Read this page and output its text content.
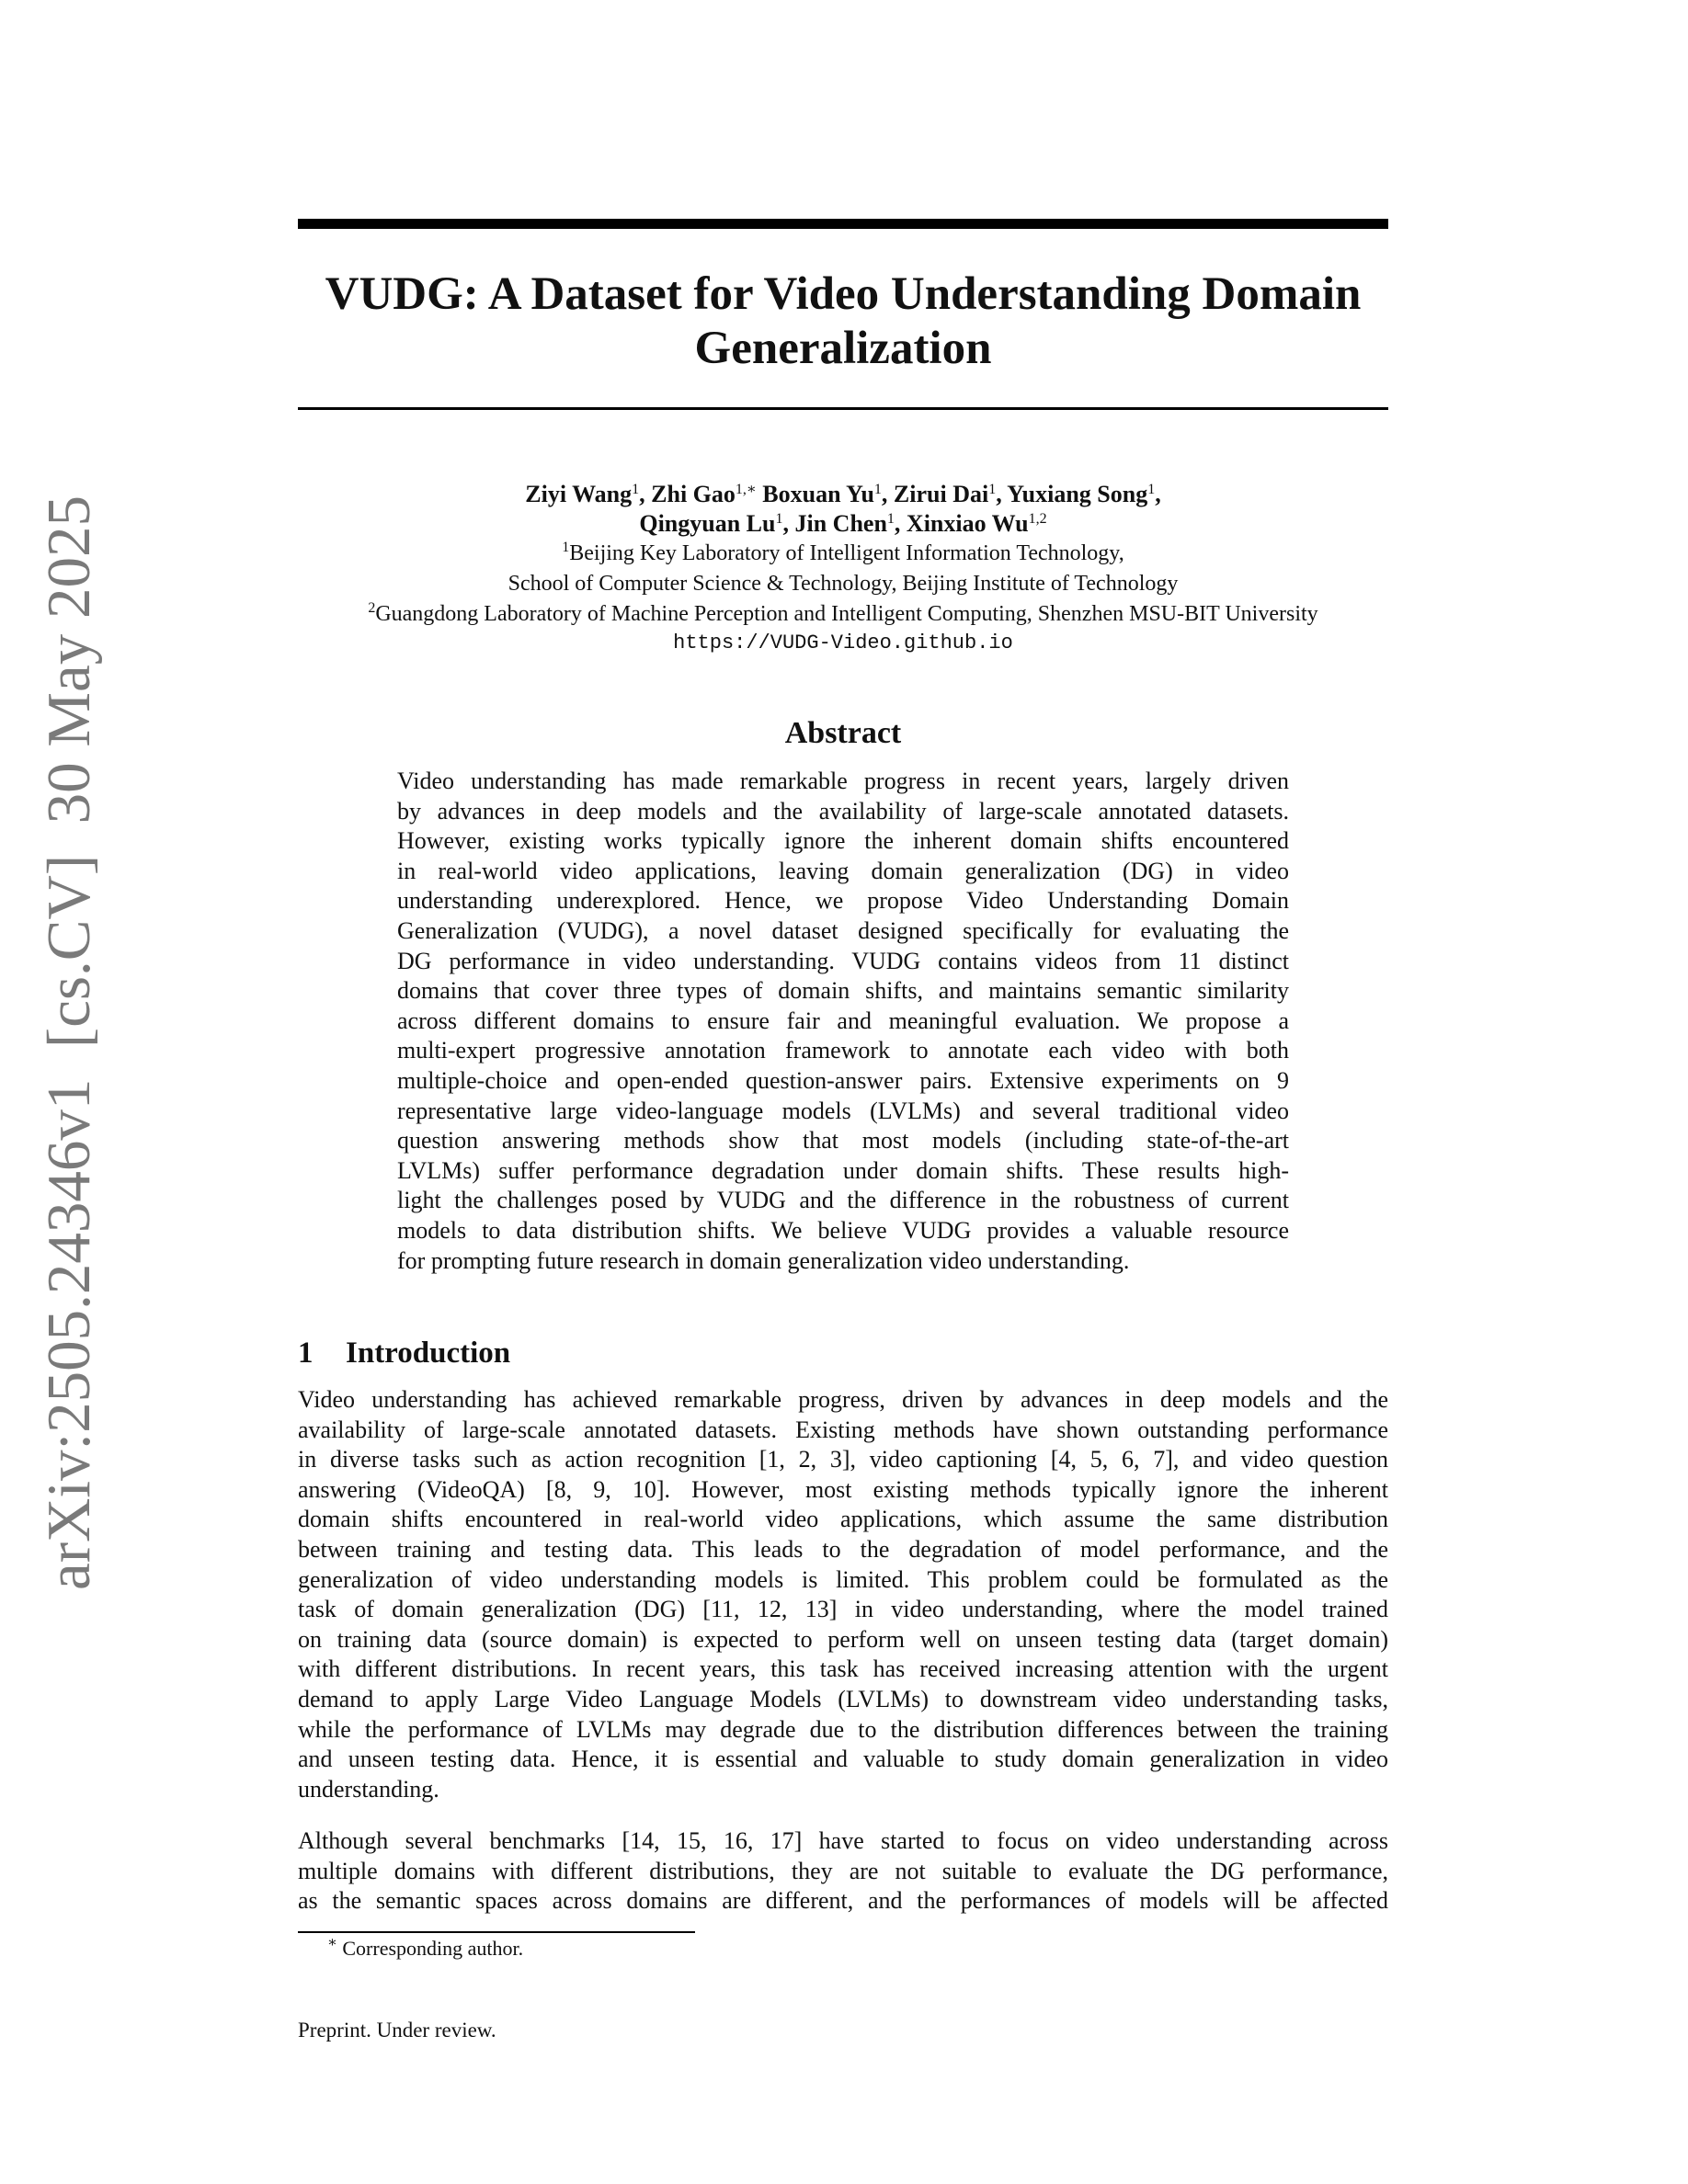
arXiv:2505.24346v1  [cs.CV]  30 May 2025
VUDG: A Dataset for Video Understanding Domain Generalization
Ziyi Wang$^1$, Zhi Gao$^{1,∗}$ Boxuan Yu$^1$, Zirui Dai$^1$, Yuxiang Song$^1$,
Qingyuan Lu$^1$, Jin Chen$^1$, Xinxiao Wu$^{1,2}$
$^1$Beijing Key Laboratory of Intelligent Information Technology,
School of Computer Science & Technology, Beijing Institute of Technology
$^2$Guangdong Laboratory of Machine Perception and Intelligent Computing, Shenzhen MSU-BIT University
https://VUDG-Video.github.io
Abstract

Video understanding has made remarkable progress in recent years, largely driven
by advances in deep models and the availability of large-scale annotated datasets.
However, existing works typically ignore the inherent domain shifts encountered
in real-world video applications, leaving domain generalization (DG) in video
understanding underexplored. Hence, we propose Video Understanding Domain
Generalization (VUDG), a novel dataset designed specifically for evaluating the
DG performance in video understanding. VUDG contains videos from 11 distinct
domains that cover three types of domain shifts, and maintains semantic similarity
across different domains to ensure fair and meaningful evaluation. We propose a
multi-expert progressive annotation framework to annotate each video with both
multiple-choice and open-ended question-answer pairs. Extensive experiments on 9
representative large video-language models (LVLMs) and several traditional video
question answering methods show that most models (including state-of-the-art
LVLMs) suffer performance degradation under domain shifts. These results high-
light the challenges posed by VUDG and the difference in the robustness of current
models to data distribution shifts. We believe VUDG provides a valuable resource
for prompting future research in domain generalization video understanding.

1 Introduction

Video understanding has achieved remarkable progress, driven by advances in deep models and the
availability of large-scale annotated datasets. Existing methods have shown outstanding performance
in diverse tasks such as action recognition [1, 2, 3], video captioning [4, 5, 6, 7], and video question
answering (VideoQA) [8, 9, 10]. However, most existing methods typically ignore the inherent
domain shifts encountered in real-world video applications, which assume the same distribution
between training and testing data. This leads to the degradation of model performance, and the
generalization of video understanding models is limited. This problem could be formulated as the
task of domain generalization (DG) [11, 12, 13] in video understanding, where the model trained
on training data (source domain) is expected to perform well on unseen testing data (target domain)
with different distributions. In recent years, this task has received increasing attention with the urgent
demand to apply Large Video Language Models (LVLMs) to downstream video understanding tasks,
while the performance of LVLMs may degrade due to the distribution differences between the training
and unseen testing data. Hence, it is essential and valuable to study domain generalization in video
understanding.

Although several benchmarks [14, 15, 16, 17] have started to focus on video understanding across
multiple domains with different distributions, they are not suitable to evaluate the DG performance,
as the semantic spaces across domains are different, and the performances of models will be affected

∗ Corresponding author.
Preprint. Under review.
